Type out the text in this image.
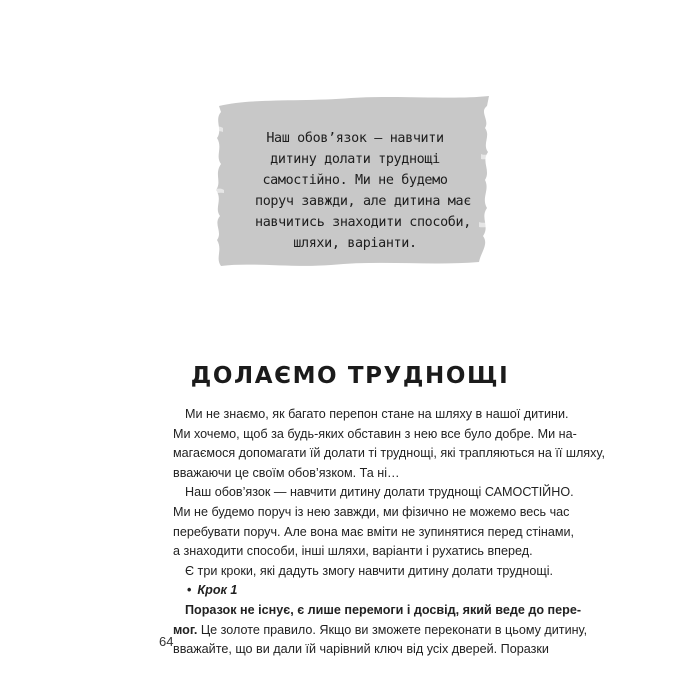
Наш обов’язок — навчити
дитину долати труднощі
самостійно. Ми не будемо
поруч завжди, але дитина має
навчитись знаходити способи,
шляхи, варіанти.
ДОЛАЄМО ТРУДНОЩІ
Ми не знаємо, як багато перепон стане на шляху в нашої дитини.
Ми хочемо, щоб за будь-яких обставин з нею все було добре. Ми на-
магаємося допомагати їй долати ті труднощі, які трапляються на її шляху,
вважаючи це своїм обов’язком. Та ні…
Наш обов’язок — навчити дитину долати труднощі САМОСТІЙНО.
Ми не будемо поруч із нею завжди, ми фізично не можемо весь час
перебувати поруч. Але вона має вміти не зупинятися перед стінами,
а знаходити способи, інші шляхи, варіанти і рухатись вперед.
Є три кроки, які дадуть змогу навчити дитину долати труднощі.
• Крок 1
Поразок не існує, є лише перемоги і досвід, який веде до пере-
мог. Це золоте правило. Якщо ви зможете переконати в цьому дитину,
вважайте, що ви дали їй чарівний ключ від усіх дверей. Поразки
64
